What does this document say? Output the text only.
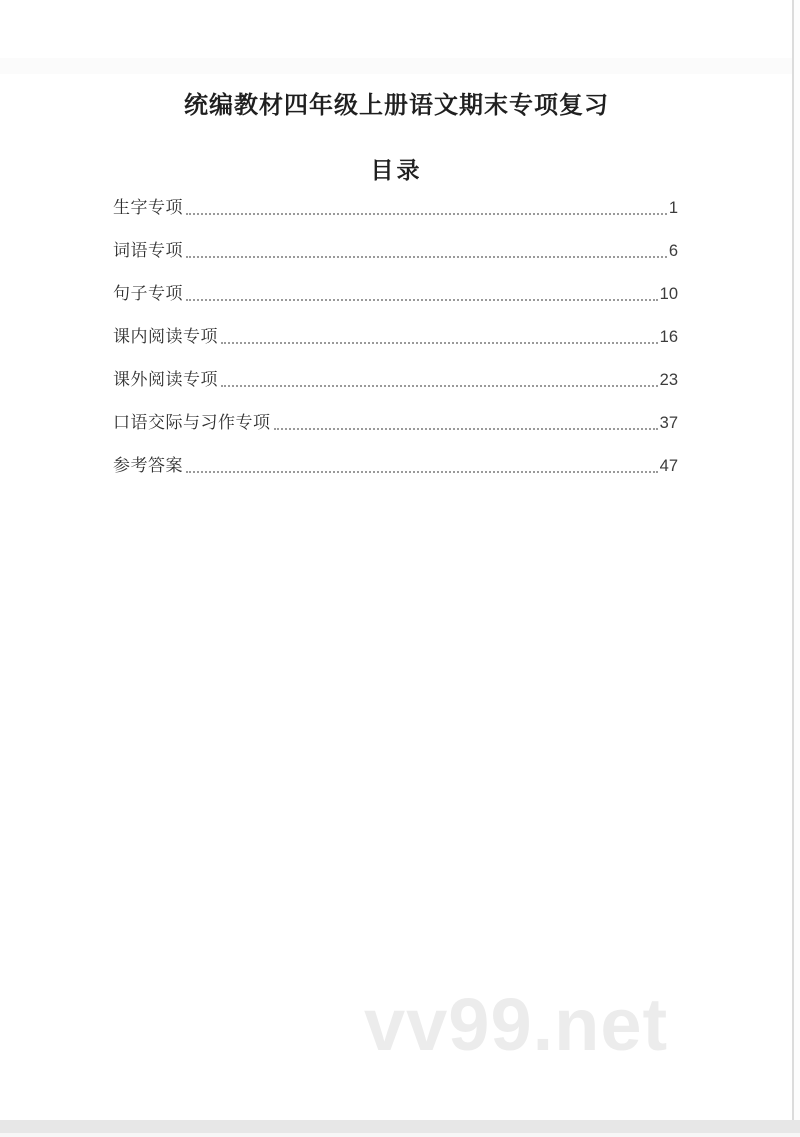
统编教材四年级上册语文期末专项复习
目录
生字专项	1
词语专项	6
句子专项	10
课内阅读专项	16
课外阅读专项	23
口语交际与习作专项	37
参考答案	47
vv99.net
